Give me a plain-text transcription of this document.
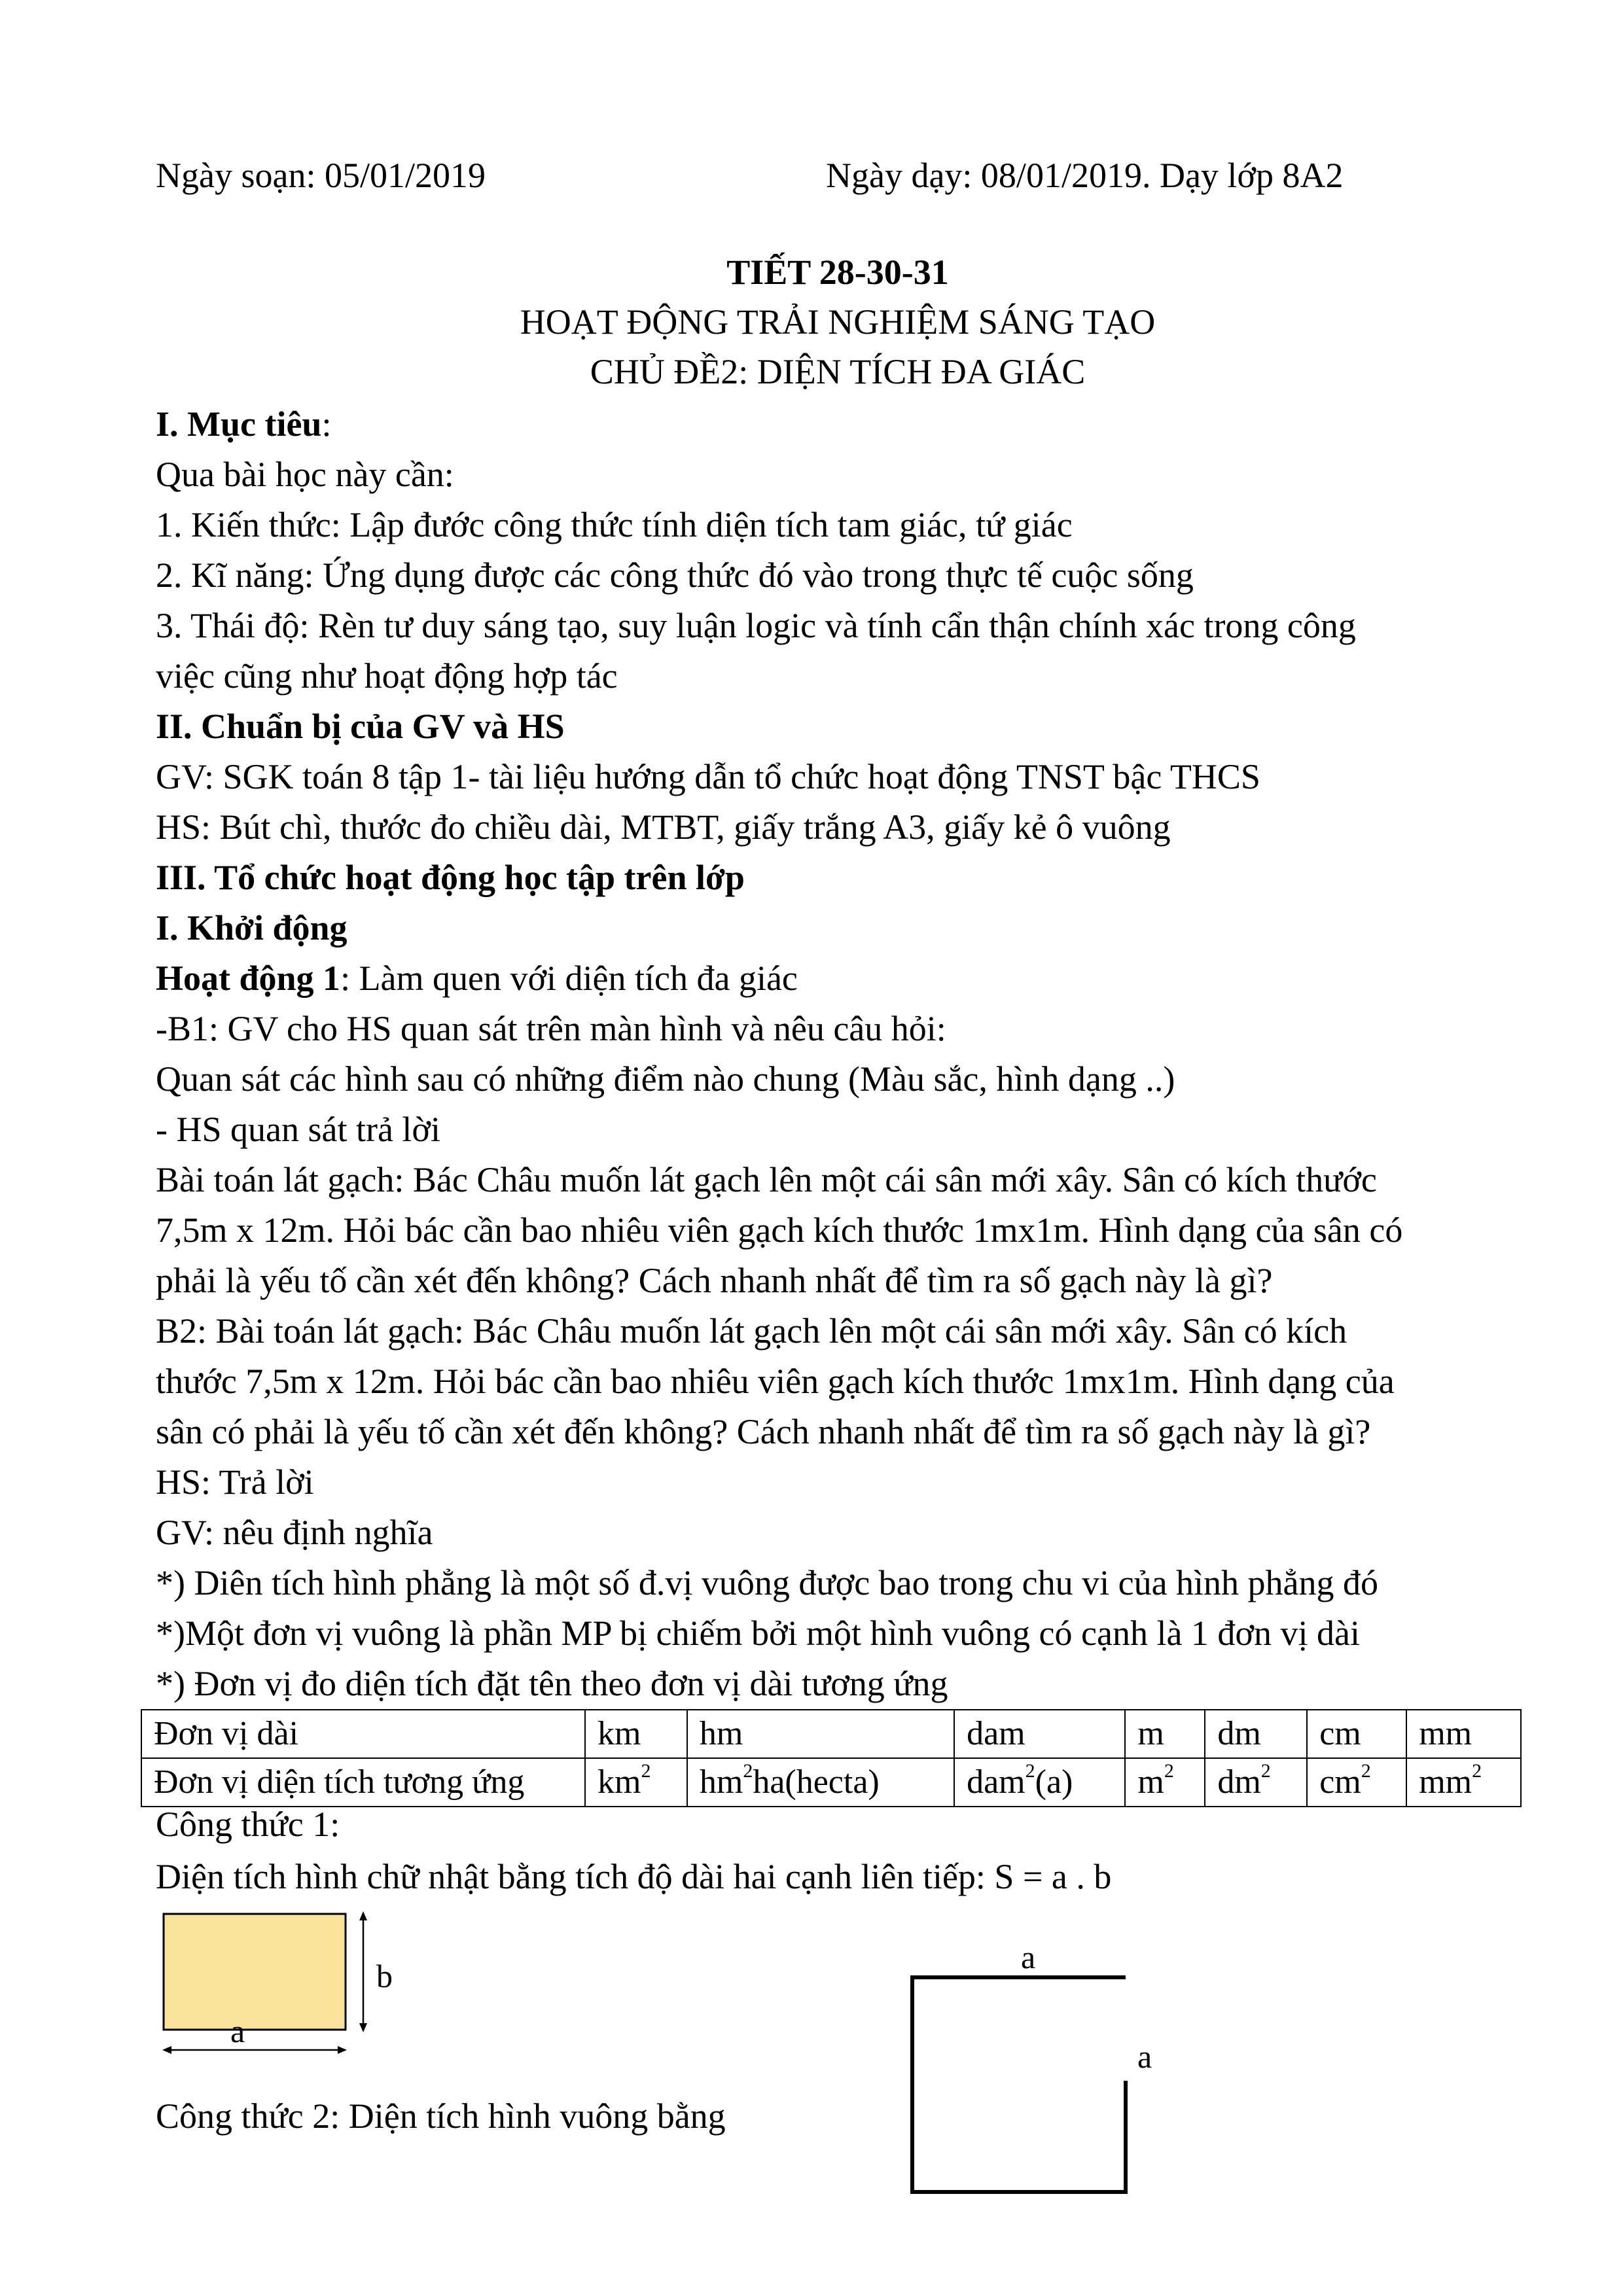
Ngày soạn: 05/01/2019	Ngày dạy: 08/01/2019. Dạy lớp 8A2
TIẾT 28-30-31
HOẠT ĐỘNG TRẢI NGHIỆM SÁNG TẠO
CHỦ ĐỀ2: DIỆN TÍCH ĐA GIÁC
I. Mục tiêu:
Qua bài học này cần:
1. Kiến thức: Lập đước công thức tính diện tích tam giác, tứ giác
2. Kĩ năng: Ứng dụng được các công thức đó vào trong thực tế cuộc sống
3. Thái độ: Rèn tư duy sáng tạo, suy luận logic và tính cẩn thận chính xác trong công
việc cũng như hoạt động hợp tác
II. Chuẩn bị của GV và HS
GV: SGK toán 8 tập 1- tài liệu hướng dẫn tổ chức hoạt động TNST bậc THCS
HS: Bút chì, thước đo chiều dài, MTBT, giấy trắng A3, giấy kẻ ô vuông
III. Tổ chức hoạt động học tập trên lớp
I. Khởi động
Hoạt động 1: Làm quen với diện tích đa giác
-B1: GV cho HS quan sát trên màn hình và nêu câu hỏi:
Quan sát các hình sau có những điểm nào chung (Màu sắc, hình dạng ..)
- HS quan sát trả lời
Bài toán lát gạch: Bác Châu muốn lát gạch lên một cái sân mới xây. Sân có kích thước
7,5m x 12m. Hỏi bác cần bao nhiêu viên gạch kích thước 1mx1m. Hình dạng của sân có
phải là yếu tố cần xét đến không? Cách nhanh nhất để tìm ra số gạch này là gì?
B2: Bài toán lát gạch: Bác Châu muốn lát gạch lên một cái sân mới xây. Sân có kích
thước 7,5m x 12m. Hỏi bác cần bao nhiêu viên gạch kích thước 1mx1m. Hình dạng của
sân có phải là yếu tố cần xét đến không? Cách nhanh nhất để tìm ra số gạch này là gì?
HS: Trả lời
GV: nêu định nghĩa
*) Diên tích hình phẳng là một số đ.vị vuông được bao trong chu vi của hình phẳng đó
*)Một đơn vị vuông là phần MP bị chiếm bởi một hình vuông có cạnh là 1 đơn vị dài
*) Đơn vị đo diện tích đặt tên theo đơn vị dài tương ứng
Đơn vị dài	km	hm	dam	m	dm	cm	mm
Đơn vị diện tích tương ứng	$km^2$	$hm^2ha(hecta)$	dam$^2$(a)	$m^2$	$dm^2$	$cm^2$	$mm^2$
Công thức 1:
Diện tích hình chữ nhật bằng tích độ dài hai cạnh liên tiếp: S = a . b
b
a
a
a
Công thức 2: Diện tích hình vuông bằng
